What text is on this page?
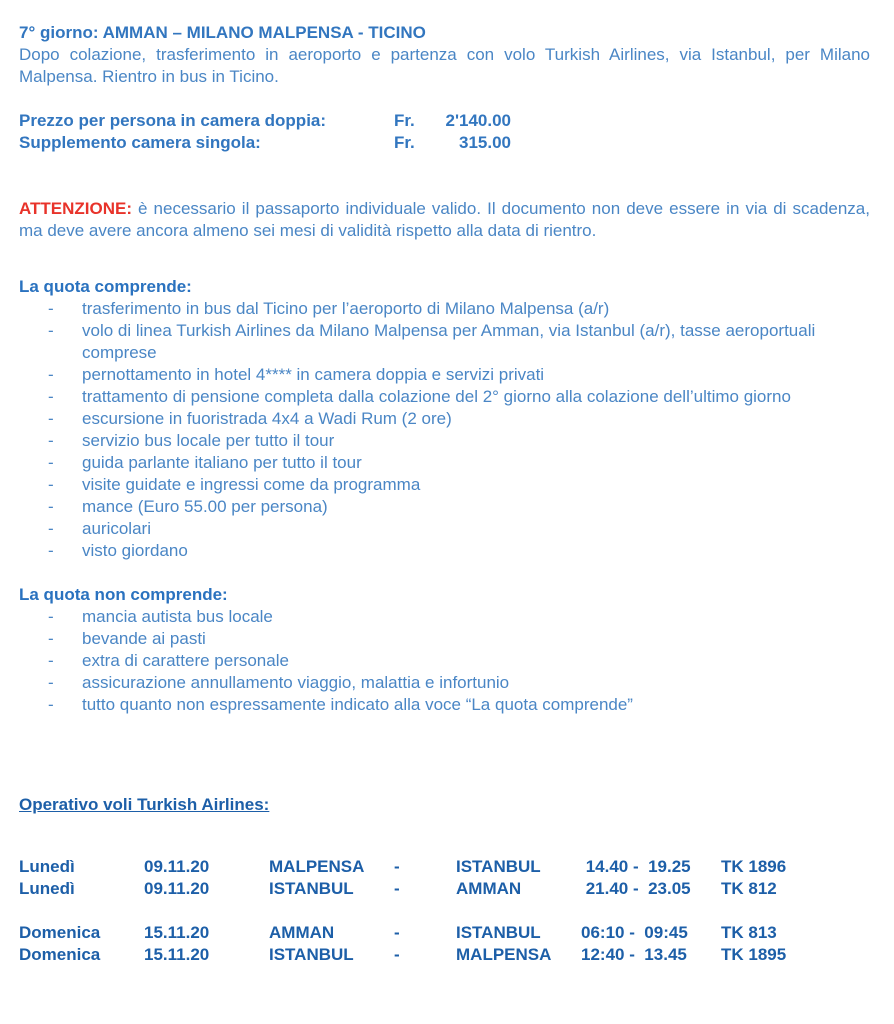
7° giorno: AMMAN – MILANO MALPENSA - TICINO

Dopo colazione, trasferimento in aeroporto e partenza con volo Turkish Airlines, via Istanbul, per Milano Malpensa. Rientro in bus in Ticino.

Prezzo per persona in camera doppia:	Fr.	2'140.00
Supplemento camera singola:	Fr.	315.00

ATTENZIONE: è necessario il passaporto individuale valido. Il documento non deve essere in via di scadenza, ma deve avere ancora almeno sei mesi di validità rispetto alla data di rientro.

La quota comprende:

- trasferimento in bus dal Ticino per l’aeroporto di Milano Malpensa (a/r)
- volo di linea Turkish Airlines da Milano Malpensa per Amman, via Istanbul (a/r), tasse aeroportuali comprese
- pernottamento in hotel 4**** in camera doppia e servizi privati
- trattamento di pensione completa dalla colazione del 2° giorno alla colazione dell’ultimo giorno
- escursione in fuoristrada 4x4 a Wadi Rum (2 ore)
- servizio bus locale per tutto il tour
- guida parlante italiano per tutto il tour
- visite guidate e ingressi come da programma
- mance (Euro 55.00 per persona)
- auricolari
- visto giordano

La quota non comprende:

- mancia autista bus locale
- bevande ai pasti
- extra di carattere personale
- assicurazione annullamento viaggio, malattia e infortunio
- tutto quanto non espressamente indicato alla voce “La quota comprende”

Operativo voli Turkish Airlines:

Lunedì	09.11.20	MALPENSA	-	ISTANBUL	14.40 -  19.25	TK 1896
Lunedì	09.11.20	ISTANBUL	-	AMMAN	21.40 -  23.05	TK 812
Domenica	15.11.20	AMMAN	-	ISTANBUL	06:10 -  09:45	TK 813
Domenica	15.11.20	ISTANBUL	-	MALPENSA	12:40 -  13.45	TK 1895
